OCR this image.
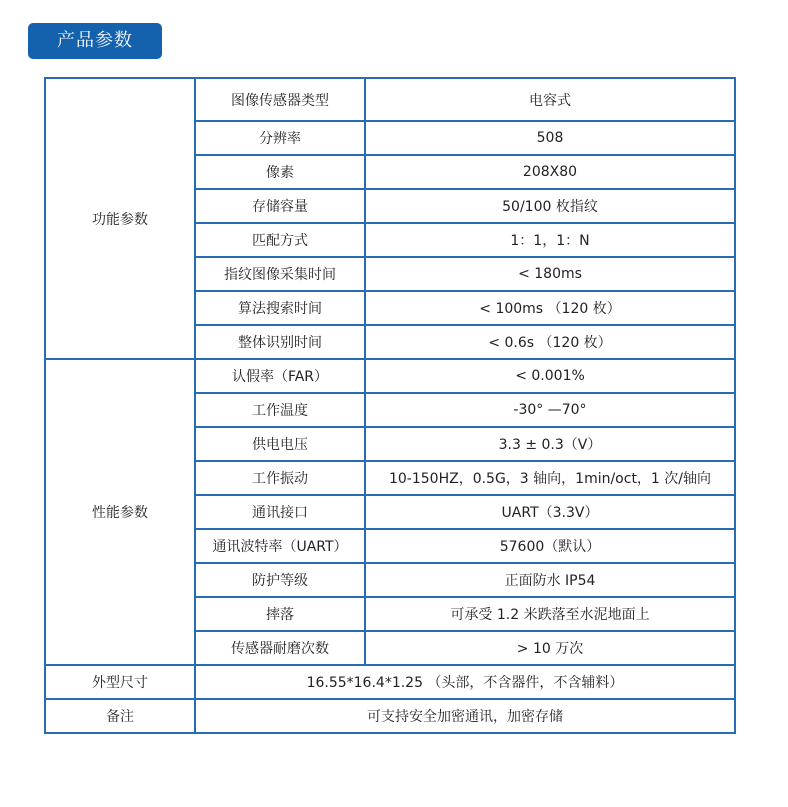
产品参数
功能参数	图像传感器类型	电容式
	分辨率	508
	像素	208X80
	存储容量	50/100 枚指纹
	匹配方式	1：1，1：N
	指纹图像采集时间	< 180ms
	算法搜索时间	< 100ms （120 枚）
	整体识别时间	< 0.6s （120 枚）
性能参数	认假率（FAR）	< 0.001%
	工作温度	-30° —70°
	供电电压	3.3 ± 0.3（V）
	工作振动	10-150HZ，0.5G，3 轴向，1min/oct，1 次/轴向
	通讯接口	UART（3.3V）
	通讯波特率（UART）	57600（默认）
	防护等级	正面防水 IP54
	摔落	可承受 1.2 米跌落至水泥地面上
	传感器耐磨次数	> 10 万次
外型尺寸	16.55*16.4*1.25 （头部，不含器件，不含辅料）	
备注	可支持安全加密通讯，加密存储	
